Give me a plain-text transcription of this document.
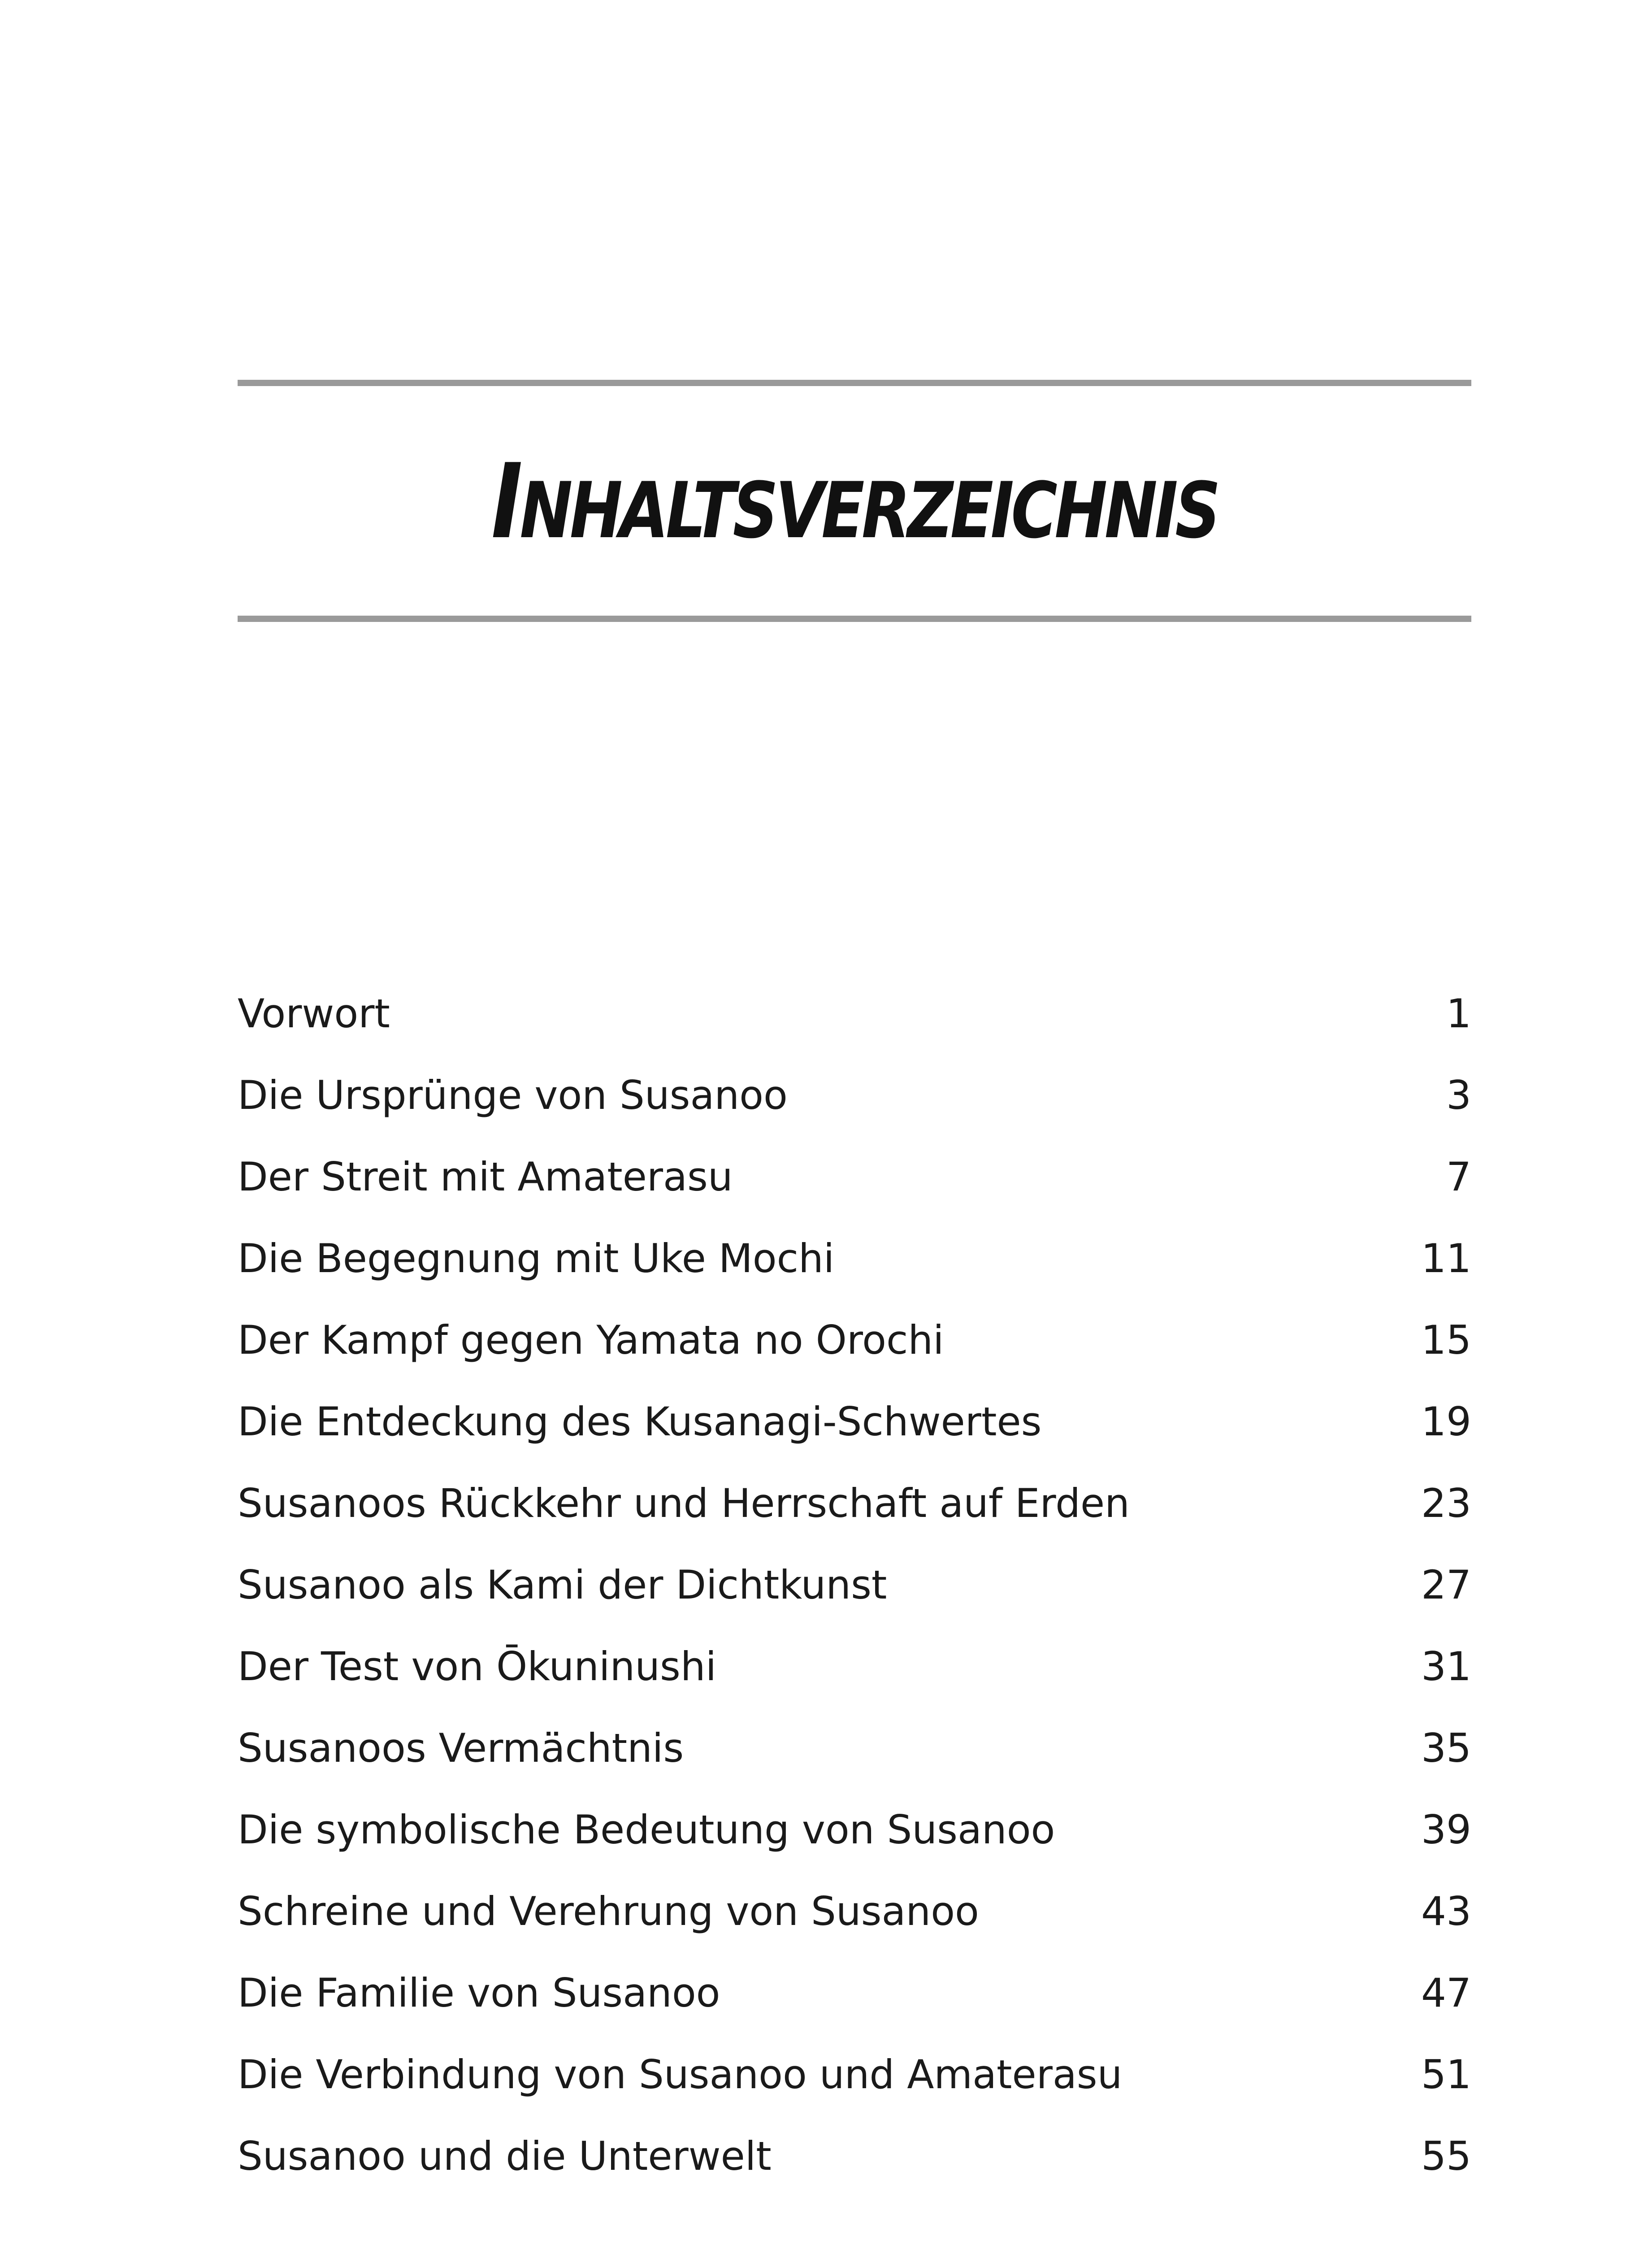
INHALTSVERZEICHNIS
Vorwort	1
Die Ursprünge von Susanoo	3
Der Streit mit Amaterasu	7
Die Begegnung mit Uke Mochi	11
Der Kampf gegen Yamata no Orochi	15
Die Entdeckung des Kusanagi-Schwertes	19
Susanoos Rückkehr und Herrschaft auf Erden	23
Susanoo als Kami der Dichtkunst	27
Der Test von Ōkuninushi	31
Susanoos Vermächtnis	35
Die symbolische Bedeutung von Susanoo	39
Schreine und Verehrung von Susanoo	43
Die Familie von Susanoo	47
Die Verbindung von Susanoo und Amaterasu	51
Susanoo und die Unterwelt	55
